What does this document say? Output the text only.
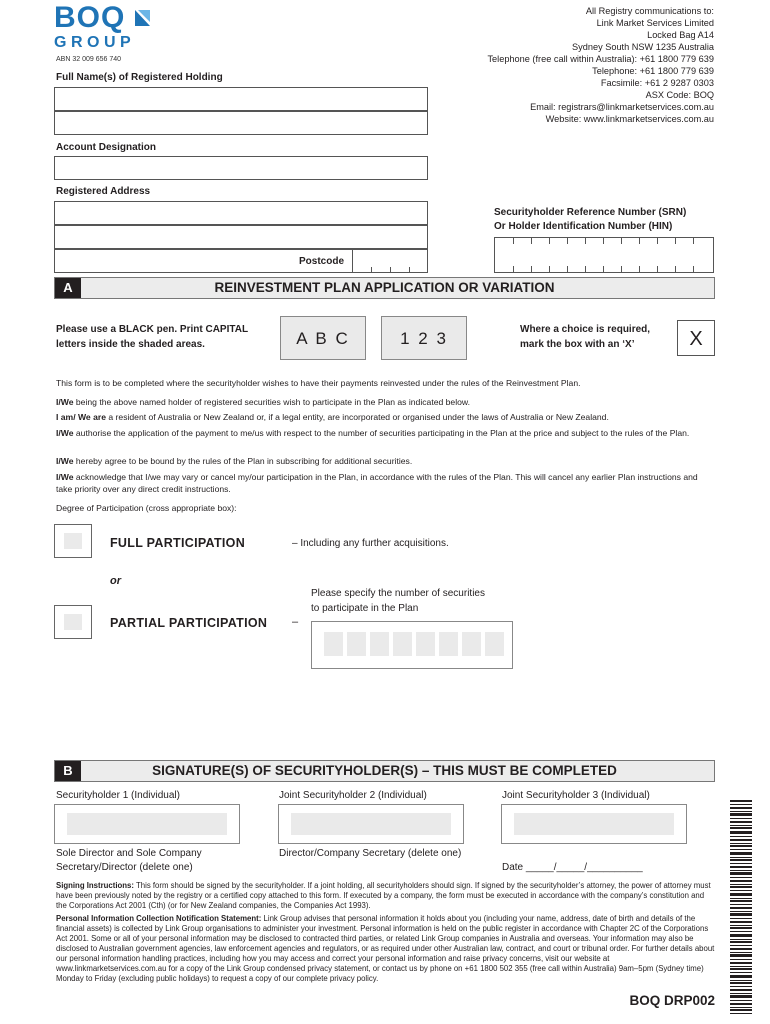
BOQ
GROUP
ABN 32 009 656 740
All Registry communications to:
Link Market Services Limited
Locked Bag A14
Sydney South NSW 1235 Australia
Telephone (free call within Australia): +61 1800 779 639
Telephone: +61 1800 779 639
Facsimile: +61 2 9287 0303
ASX Code: BOQ
Email: registrars@linkmarketservices.com.au
Website: www.linkmarketservices.com.au
Full Name(s) of Registered Holding
Account Designation
Registered Address
Postcode
Securityholder Reference Number (SRN)
Or Holder Identification Number (HIN)
A	REINVESTMENT PLAN APPLICATION OR VARIATION
Please use a BLACK pen. Print CAPITAL
letters inside the shaded areas.	A B C	1 2 3	Where a choice is required,
mark the box with an ‘X’	X
This form is to be completed where the securityholder wishes to have their payments reinvested under the rules of the Reinvestment Plan.
I/We being the above named holder of registered securities wish to participate in the Plan as indicated below.
I am/ We are a resident of Australia or New Zealand or, if a legal entity, are incorporated or organised under the laws of Australia or New Zealand.
I/We authorise the application of the payment to me/us with respect to the number of securities participating in the Plan at the price and subject to the rules of the Plan.
I/We hereby agree to be bound by the rules of the Plan in subscribing for additional securities.
I/We acknowledge that I/we may vary or cancel my/our participation in the Plan, in accordance with the rules of the Plan. This will cancel any earlier Plan instructions and take priority over any direct credit instructions.
Degree of Participation (cross appropriate box):
FULL PARTICIPATION	– Including any further acquisitions.
or
PARTIAL PARTICIPATION –
Please specify the number of securities
to participate in the Plan
B	SIGNATURE(S) OF SECURITYHOLDER(S) – THIS MUST BE COMPLETED
Securityholder 1 (Individual)	Joint Securityholder 2 (Individual)	Joint Securityholder 3 (Individual)
Sole Director and Sole Company
Secretary/Director (delete one)
Director/Company Secretary (delete one)
Date _____/_____/__________
Signing Instructions: This form should be signed by the securityholder. If a joint holding, all securityholders should sign. If signed by the securityholder’s attorney, the power of attorney must have been previously noted by the registry or a certified copy attached to this form. If executed by a company, the form must be executed in accordance with the company’s constitution and the Corporations Act 2001 (Cth) (or for New Zealand companies, the Companies Act 1993).
Personal Information Collection Notification Statement: Link Group advises that personal information it holds about you (including your name, address, date of birth and details of the financial assets) is collected by Link Group organisations to administer your investment. Personal information is held on the public register in accordance with Chapter 2C of the Corporations Act 2001. Some or all of your personal information may be disclosed to contracted third parties, or related Link Group companies in Australia and overseas. Your information may also be disclosed to Australian government agencies, law enforcement agencies and regulators, or as required under other Australian law, contract, and court or tribunal order. For further details about our personal information handling practices, including how you may access and correct your personal information and raise privacy concerns, visit our website at www.linkmarketservices.com.au for a copy of the Link Group condensed privacy statement, or contact us by phone on +61 1800 502 355 (free call within Australia) 9am–5pm (Sydney time) Monday to Friday (excluding public holidays) to request a copy of our complete privacy policy.
BOQ DRP002
